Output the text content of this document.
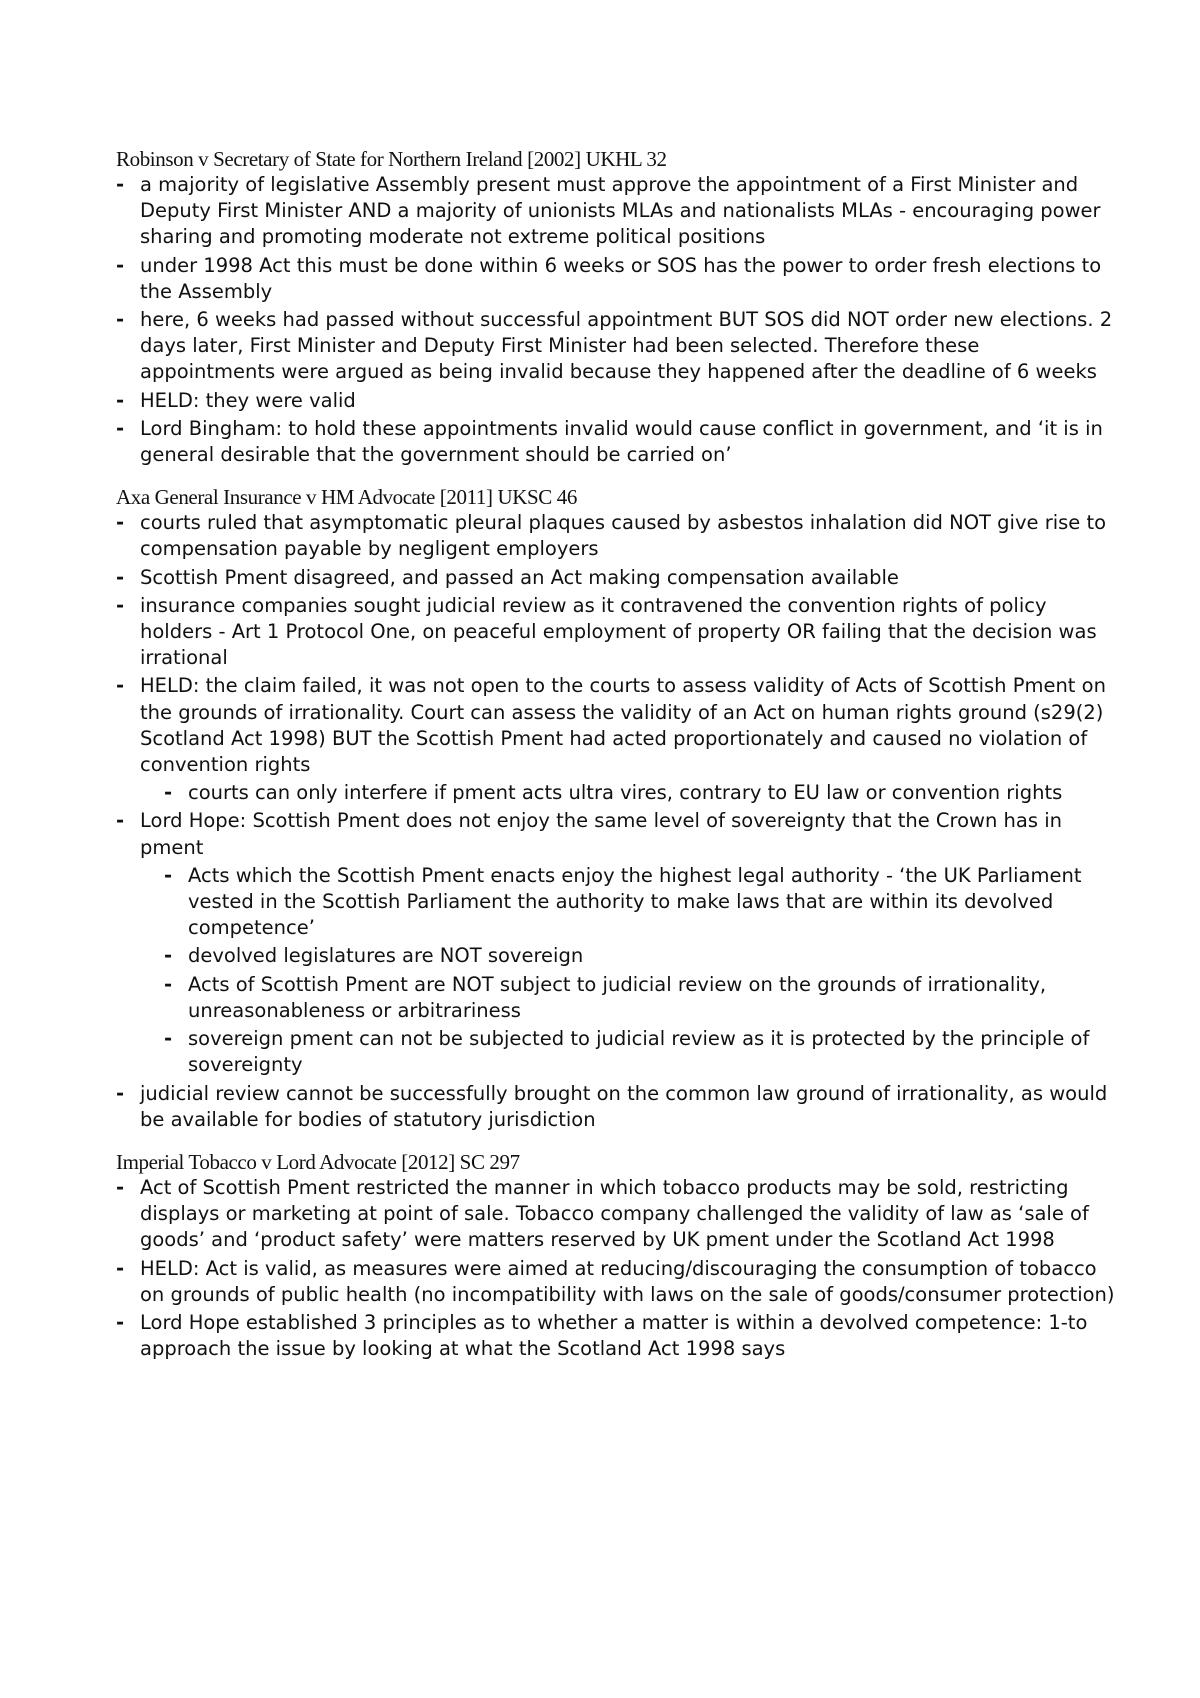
Robinson v Secretary of State for Northern Ireland [2002] UKHL 32
- a majority of legislative Assembly present must approve the appointment of a First Minister and Deputy First Minister AND a majority of unionists MLAs and nationalists MLAs - encouraging power sharing and promoting moderate not extreme political positions
- under 1998 Act this must be done within 6 weeks or SOS has the power to order fresh elections to the Assembly
- here, 6 weeks had passed without successful appointment BUT SOS did NOT order new elections. 2 days later, First Minister and Deputy First Minister had been selected. Therefore these appointments were argued as being invalid because they happened after the deadline of 6 weeks
- HELD: they were valid
- Lord Bingham: to hold these appointments invalid would cause conflict in government, and ‘it is in general desirable that the government should be carried on’
Axa General Insurance v HM Advocate [2011] UKSC 46
- courts ruled that asymptomatic pleural plaques caused by asbestos inhalation did NOT give rise to compensation payable by negligent employers
- Scottish Pment disagreed, and passed an Act making compensation available
- insurance companies sought judicial review as it contravened the convention rights of policy holders - Art 1 Protocol One, on peaceful employment of property OR failing that the decision was irrational
- HELD: the claim failed, it was not open to the courts to assess validity of Acts of Scottish Pment on the grounds of irrationality. Court can assess the validity of an Act on human rights ground (s29(2) Scotland Act 1998) BUT the Scottish Pment had acted proportionately and caused no violation of convention rights
- courts can only interfere if pment acts ultra vires, contrary to EU law or convention rights
- Lord Hope: Scottish Pment does not enjoy the same level of sovereignty that the Crown has in pment
- Acts which the Scottish Pment enacts enjoy the highest legal authority - ‘the UK Parliament vested in the Scottish Parliament the authority to make laws that are within its devolved competence’
- devolved legislatures are NOT sovereign
- Acts of Scottish Pment are NOT subject to judicial review on the grounds of irrationality, unreasonableness or arbitrariness
- sovereign pment can not be subjected to judicial review as it is protected by the principle of sovereignty
- judicial review cannot be successfully brought on the common law ground of irrationality, as would be available for bodies of statutory jurisdiction
Imperial Tobacco v Lord Advocate [2012] SC 297
- Act of Scottish Pment restricted the manner in which tobacco products may be sold, restricting displays or marketing at point of sale. Tobacco company challenged the validity of law as ‘sale of goods’ and ‘product safety’ were matters reserved by UK pment under the Scotland Act 1998
- HELD: Act is valid, as measures were aimed at reducing/discouraging the consumption of tobacco on grounds of public health (no incompatibility with laws on the sale of goods/consumer protection)
- Lord Hope established 3 principles as to whether a matter is within a devolved competence: 1-to approach the issue by looking at what the Scotland Act 1998 says
